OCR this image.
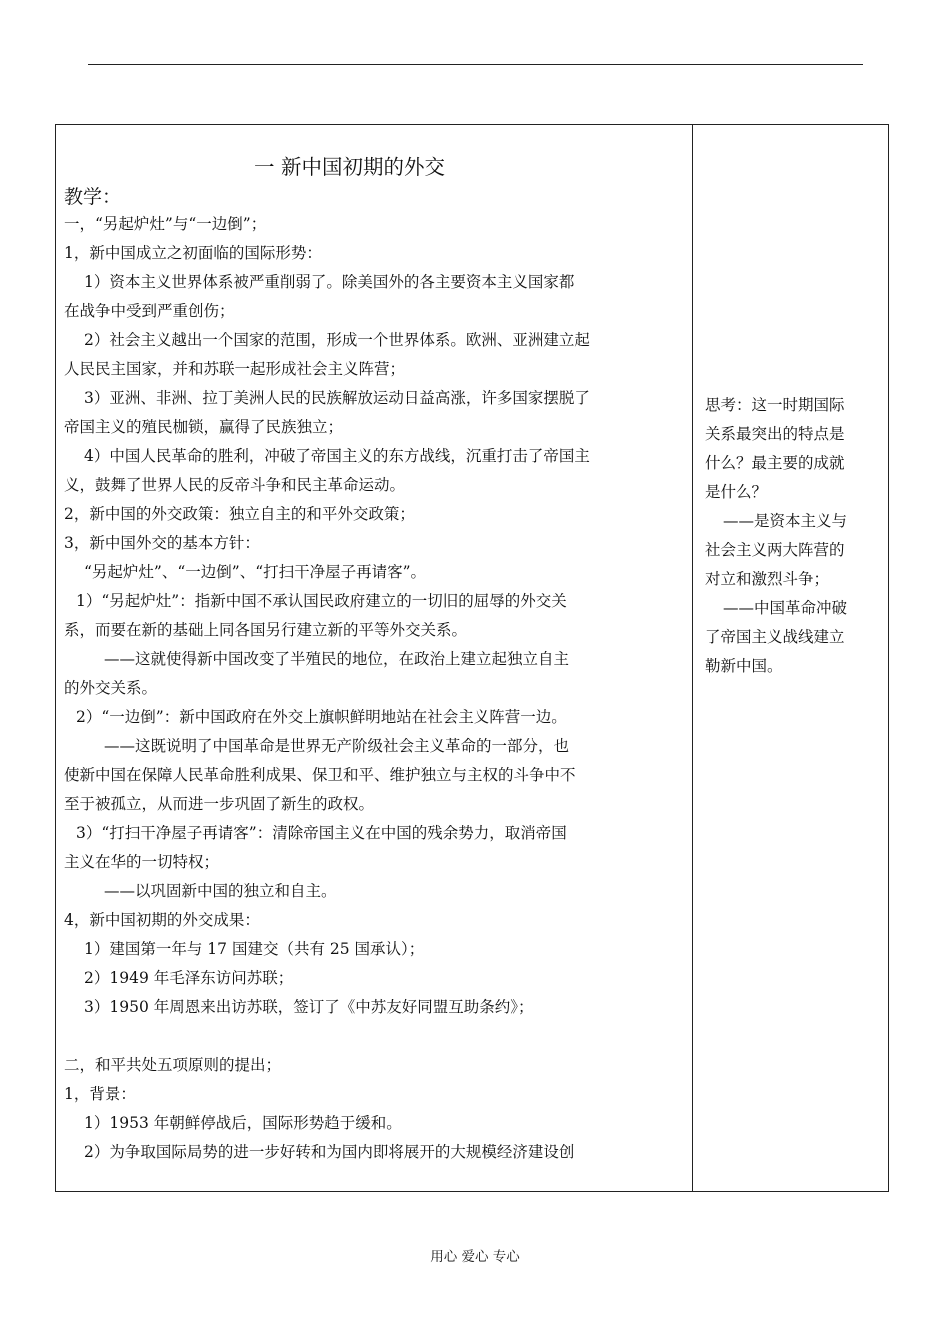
一 新中国初期的外交
教学：
一，“另起炉灶”与“一边倒”；
1，新中国成立之初面临的国际形势：
1）资本主义世界体系被严重削弱了。除美国外的各主要资本主义国家都
在战争中受到严重创伤；
2）社会主义越出一个国家的范围，形成一个世界体系。欧洲、亚洲建立起
人民民主国家，并和苏联一起形成社会主义阵营；
3）亚洲、非洲、拉丁美洲人民的民族解放运动日益高涨，许多国家摆脱了
帝国主义的殖民枷锁，赢得了民族独立；
4）中国人民革命的胜利，冲破了帝国主义的东方战线，沉重打击了帝国主
义，鼓舞了世界人民的反帝斗争和民主革命运动。
2，新中国的外交政策：独立自主的和平外交政策；
3，新中国外交的基本方针：
“另起炉灶”、“一边倒”、“打扫干净屋子再请客”。
1）“另起炉灶”：指新中国不承认国民政府建立的一切旧的屈辱的外交关
系，而要在新的基础上同各国另行建立新的平等外交关系。
——这就使得新中国改变了半殖民的地位，在政治上建立起独立自主
的外交关系。
2）“一边倒”：新中国政府在外交上旗帜鲜明地站在社会主义阵营一边。
——这既说明了中国革命是世界无产阶级社会主义革命的一部分，也
使新中国在保障人民革命胜利成果、保卫和平、维护独立与主权的斗争中不
至于被孤立，从而进一步巩固了新生的政权。
3）“打扫干净屋子再请客”：清除帝国主义在中国的残余势力，取消帝国
主义在华的一切特权；
——以巩固新中国的独立和自主。
4，新中国初期的外交成果：
1）建国第一年与 17 国建交（共有 25 国承认）；
2）1949 年毛泽东访问苏联；
3）1950 年周恩来出访苏联，签订了《中苏友好同盟互助条约》；
二，和平共处五项原则的提出；
1，背景：
1）1953 年朝鲜停战后，国际形势趋于缓和。
2）为争取国际局势的进一步好转和为国内即将展开的大规模经济建设创
思考：这一时期国际
关系最突出的特点是
什么？最主要的成就
是什么？
——是资本主义与
社会主义两大阵营的
对立和激烈斗争；
——中国革命冲破
了帝国主义战线建立
勒新中国。
用心 爱心 专心
